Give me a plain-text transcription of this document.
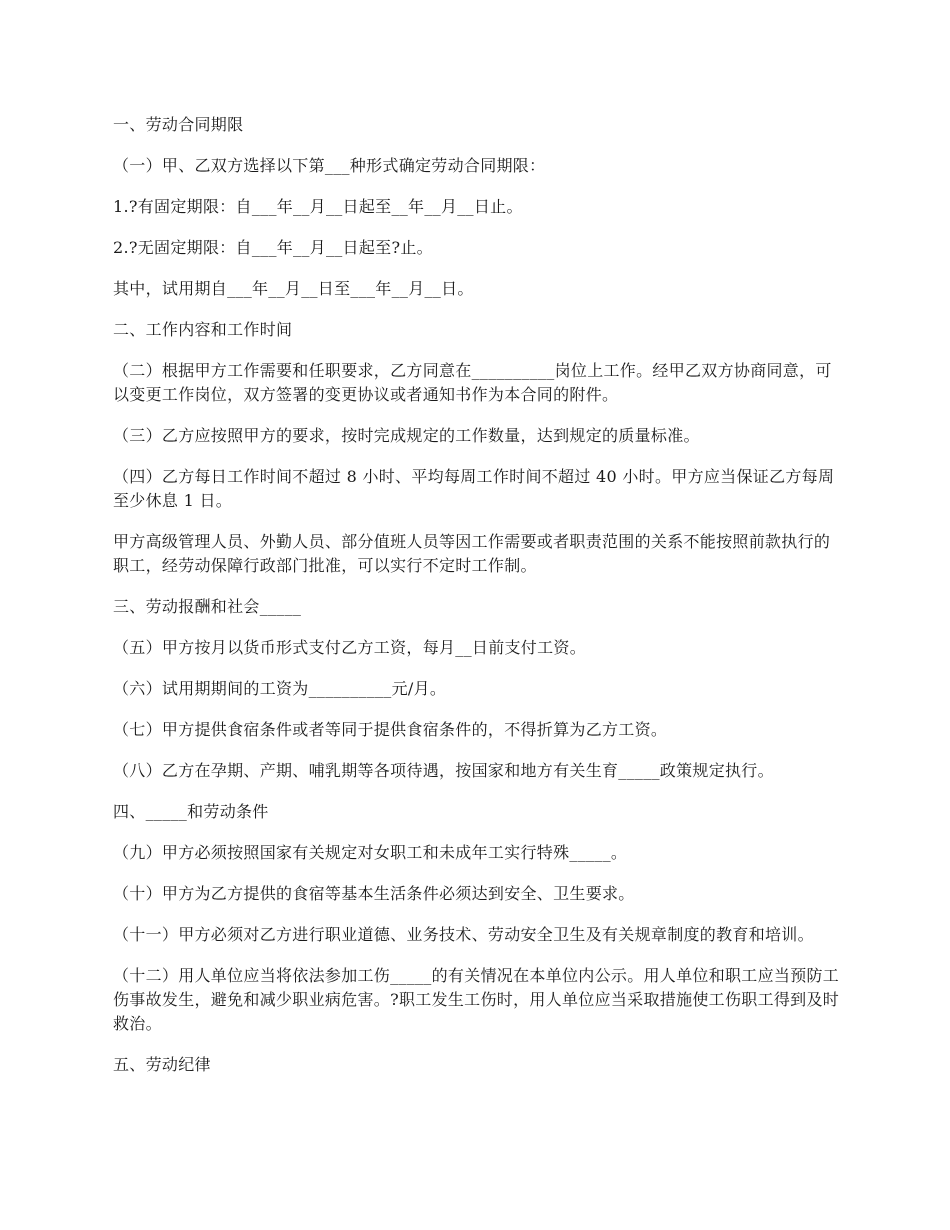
一、劳动合同期限

（一）甲、乙双方选择以下第___种形式确定劳动合同期限：

1.?有固定期限：自___年__月__日起至__年__月__日止。

2.?无固定期限：自___年__月__日起至?止。

其中，试用期自___年__月__日至___年__月__日。

二、工作内容和工作时间

（二）根据甲方工作需要和任职要求，乙方同意在__________岗位上工作。经甲乙双方协商同意，可以变更工作岗位，双方签署的变更协议或者通知书作为本合同的附件。

（三）乙方应按照甲方的要求，按时完成规定的工作数量，达到规定的质量标准。

（四）乙方每日工作时间不超过 8 小时、平均每周工作时间不超过 40 小时。甲方应当保证乙方每周至少休息 1 日。

甲方高级管理人员、外勤人员、部分值班人员等因工作需要或者职责范围的关系不能按照前款执行的职工，经劳动保障行政部门批准，可以实行不定时工作制。

三、劳动报酬和社会_____

（五）甲方按月以货币形式支付乙方工资，每月__日前支付工资。

（六）试用期期间的工资为__________元/月。

（七）甲方提供食宿条件或者等同于提供食宿条件的，不得折算为乙方工资。

（八）乙方在孕期、产期、哺乳期等各项待遇，按国家和地方有关生育_____政策规定执行。

四、_____和劳动条件

（九）甲方必须按照国家有关规定对女职工和未成年工实行特殊_____。

（十）甲方为乙方提供的食宿等基本生活条件必须达到安全、卫生要求。

（十一）甲方必须对乙方进行职业道德、业务技术、劳动安全卫生及有关规章制度的教育和培训。

（十二）用人单位应当将依法参加工伤_____的有关情况在本单位内公示。用人单位和职工应当预防工伤事故发生，避免和减少职业病危害。?职工发生工伤时，用人单位应当采取措施使工伤职工得到及时救治。

五、劳动纪律
